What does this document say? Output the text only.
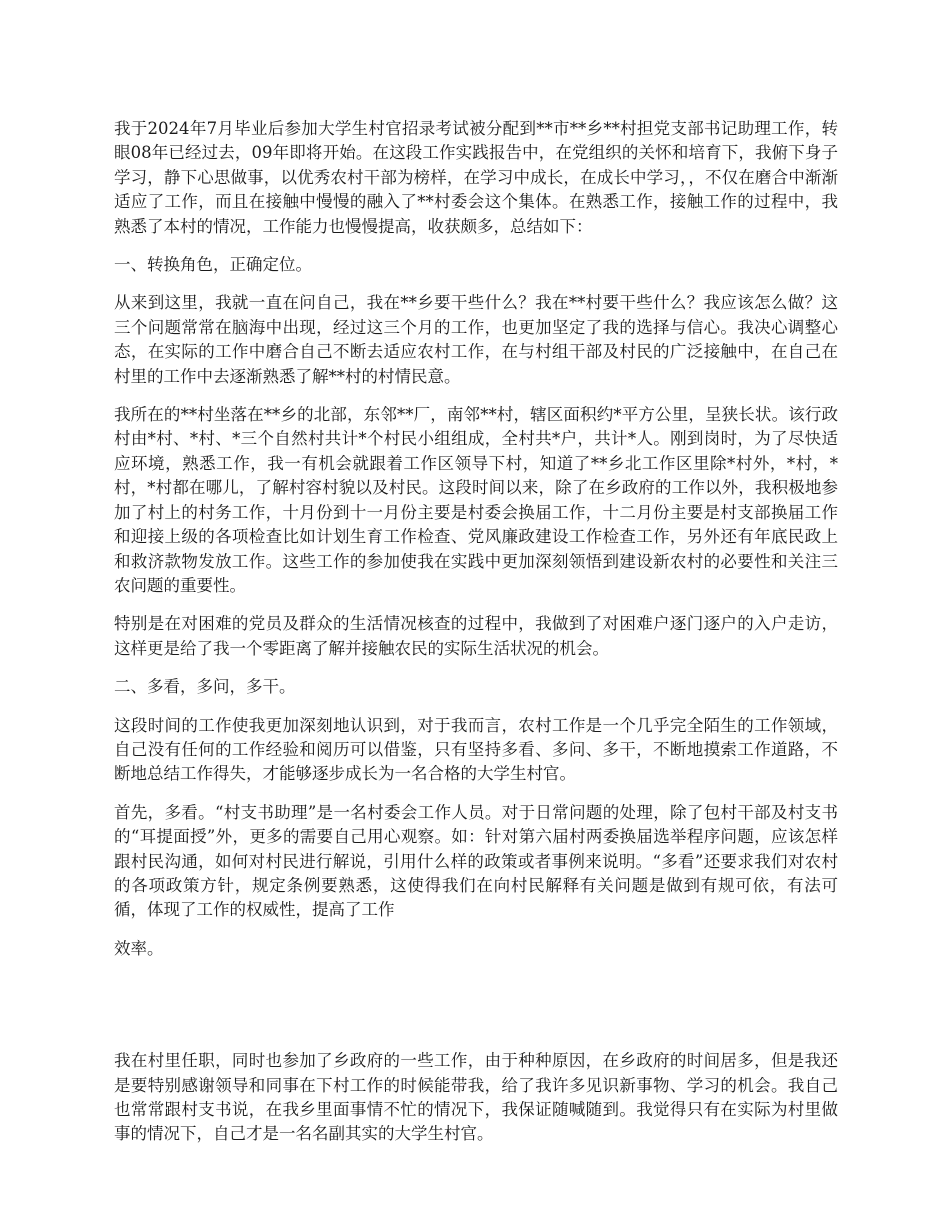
我于2024年7月毕业后参加大学生村官招录考试被分配到**市**乡**村担党支部书记助理工作，转眼08年已经过去，09年即将开始。在这段工作实践报告中，在党组织的关怀和培育下，我俯下身子学习，静下心思做事，以优秀农村干部为榜样，在学习中成长，在成长中学习，，不仅在磨合中渐渐适应了工作，而且在接触中慢慢的融入了**村委会这个集体。在熟悉工作，接触工作的过程中，我熟悉了本村的情况，工作能力也慢慢提高，收获颇多，总结如下：

一、转换角色，正确定位。

从来到这里，我就一直在问自己，我在**乡要干些什么？我在**村要干些什么？我应该怎么做？这三个问题常常在脑海中出现，经过这三个月的工作，也更加坚定了我的选择与信心。我决心调整心态，在实际的工作中磨合自己不断去适应农村工作，在与村组干部及村民的广泛接触中，在自己在村里的工作中去逐渐熟悉了解**村的村情民意。

我所在的**村坐落在**乡的北部，东邻**厂，南邻**村，辖区面积约*平方公里，呈狭长状。该行政村由*村、*村、*三个自然村共计*个村民小组组成，全村共*户，共计*人。刚到岗时，为了尽快适应环境，熟悉工作，我一有机会就跟着工作区领导下村，知道了**乡北工作区里除*村外，*村，*村，*村都在哪儿，了解村容村貌以及村民。这段时间以来，除了在乡政府的工作以外，我积极地参加了村上的村务工作，十月份到十一月份主要是村委会换届工作，十二月份主要是村支部换届工作和迎接上级的各项检查比如计划生育工作检查、党风廉政建设工作检查工作，另外还有年底民政上和救济款物发放工作。这些工作的参加使我在实践中更加深刻领悟到建设新农村的必要性和关注三农问题的重要性。

特别是在对困难的党员及群众的生活情况核查的过程中，我做到了对困难户逐门逐户的入户走访，这样更是给了我一个零距离了解并接触农民的实际生活状况的机会。

二、多看，多问，多干。

这段时间的工作使我更加深刻地认识到，对于我而言，农村工作是一个几乎完全陌生的工作领域，自己没有任何的工作经验和阅历可以借鉴，只有坚持多看、多问、多干，不断地摸索工作道路，不断地总结工作得失，才能够逐步成长为一名合格的大学生村官。

首先，多看。“村支书助理”是一名村委会工作人员。对于日常问题的处理，除了包村干部及村支书的“耳提面授”外，更多的需要自己用心观察。如：针对第六届村两委换届选举程序问题，应该怎样跟村民沟通，如何对村民进行解说，引用什么样的政策或者事例来说明。“多看”还要求我们对农村的各项政策方针，规定条例要熟悉，这使得我们在向村民解释有关问题是做到有规可依，有法可循，体现了工作的权威性，提高了工作

效率。

我在村里任职，同时也参加了乡政府的一些工作，由于种种原因，在乡政府的时间居多，但是我还是要特别感谢领导和同事在下村工作的时候能带我，给了我许多见识新事物、学习的机会。我自己也常常跟村支书说，在我乡里面事情不忙的情况下，我保证随喊随到。我觉得只有在实际为村里做事的情况下，自己才是一名名副其实的大学生村官。
